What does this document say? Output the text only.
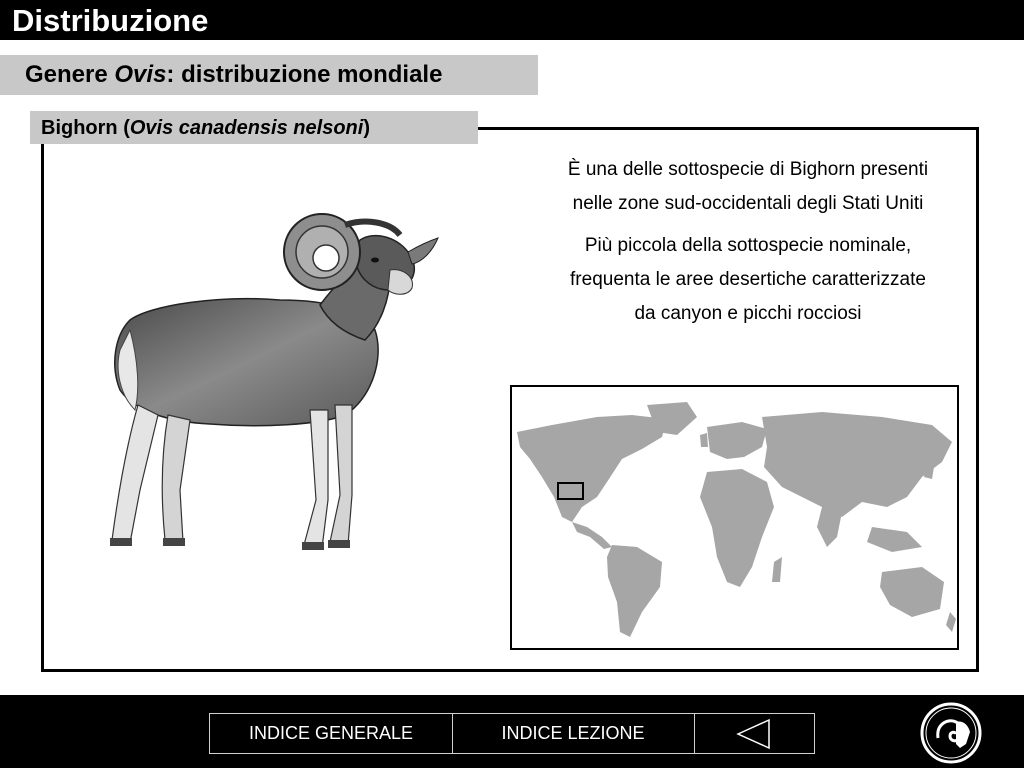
Distribuzione
Genere Ovis: distribuzione mondiale
Bighorn (Ovis canadensis nelsoni)
È una delle sottospecie di Bighorn presenti
nelle zone sud-occidentali degli Stati Uniti
Più piccola della sottospecie nominale,
frequenta le aree desertiche caratterizzate
da canyon e picchi rocciosi
INDICE GENERALE	INDICE LEZIONE
